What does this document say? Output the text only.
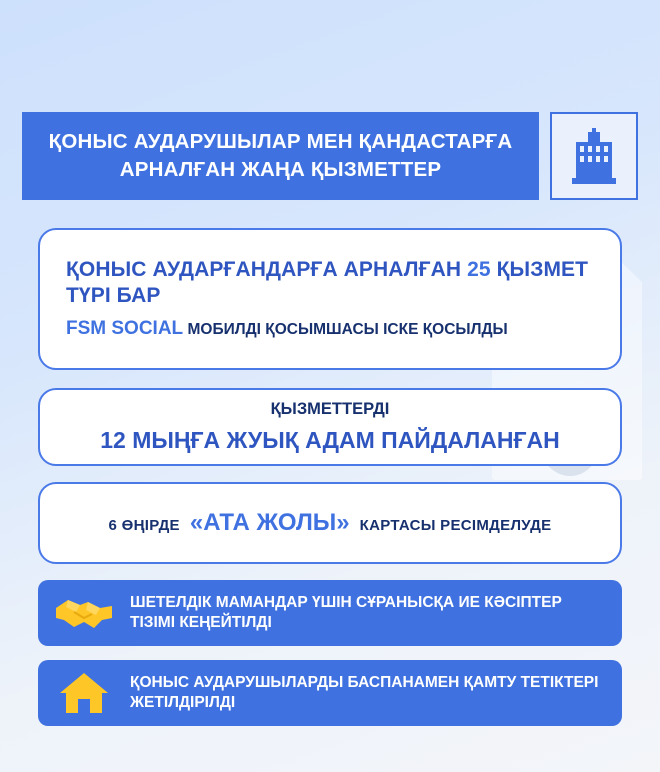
ҚОНЫС АУДАРУШЫЛАР МЕН ҚАНДАСТАРҒА АРНАЛҒАН ЖАҢА ҚЫЗМЕТТЕР
ҚОНЫС АУДАРҒАНДАРҒА АРНАЛҒАН 25 ҚЫЗМЕТ ТҮРІ БАР
FSM SOCIAL МОБИЛДІ ҚОСЫМШАСЫ ІСКЕ ҚОСЫЛДЫ
ҚЫЗМЕТТЕРДІ
12 МЫҢҒА ЖУЫҚ АДАМ ПАЙДАЛАНҒАН
6 ӨҢІРДЕ «АТА ЖОЛЫ» КАРТАСЫ РЕСІМДЕЛУДЕ
ШЕТЕЛДІК МАМАНДАР ҮШІН СҰРАНЫСҚА ИЕ КӘСІПТЕР ТІЗІМІ КЕҢЕЙТІЛДІ
ҚОНЫС АУДАРУШЫЛАРДЫ БАСПАНАМЕН ҚАМТУ ТЕТІКТЕРІ ЖЕТІЛДІРІЛДІ
